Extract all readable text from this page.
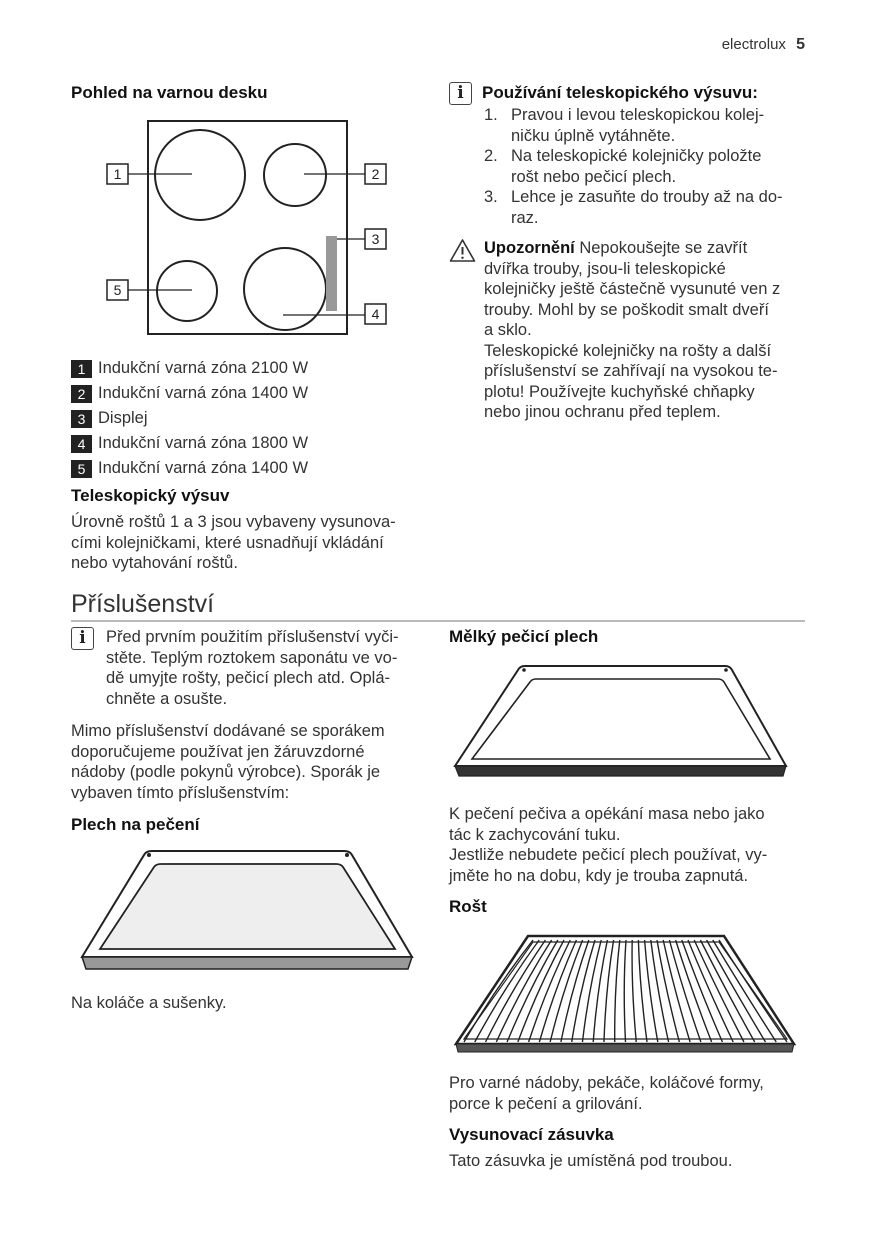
electrolux 5
Pohled na varnou desku
1	2
3
4
5
1 Indukční varná zóna 2100 W
2 Indukční varná zóna 1400 W
3 Displej
4 Indukční varná zóna 1800 W
5 Indukční varná zóna 1400 W
Teleskopický výsuv

Úrovně roštů 1 a 3 jsou vybaveny vysunova-

cími kolejničkami, které usnadňují vkládání

nebo vytahování roštů.

i	Používání teleskopického výsuvu:
1. Pravou i levou teleskopickou kolej-
ničku úplně vytáhněte.
2. Na teleskopické kolejničky položte
rošt nebo pečicí plech.
3. Lehce je zasuňte do trouby až na do-
raz.

Upozornění Nepokoušejte se zavřít

dvířka trouby, jsou-li teleskopické

kolejničky ještě částečně vysunuté ven z

trouby. Mohl by se poškodit smalt dveří

a sklo.

Teleskopické kolejničky na rošty a další

příslušenství se zahřívají na vysokou te-

plotu! Používejte kuchyňské chňapky

nebo jinou ochranu před teplem.

Příslušenství
i	Před prvním použitím příslušenství vyči-

stěte. Teplým roztokem saponátu ve vo-

dě umyjte rošty, pečicí plech atd. Oplá-

chněte a osušte.

Mimo příslušenství dodávané se sporákem

doporučujeme používat jen žáruvzdorné

nádoby (podle pokynů výrobce). Sporák je

vybaven tímto příslušenstvím:

Plech na pečení

Na koláče a sušenky.

Mělký pečicí plech

K pečení pečiva a opékání masa nebo jako

tác k zachycování tuku.

Jestliže nebudete pečicí plech používat, vy-

jměte ho na dobu, kdy je trouba zapnutá.

Rošt

Pro varné nádoby, pekáče, koláčové formy,

porce k pečení a grilování.

Vysunovací zásuvka

Tato zásuvka je umístěná pod troubou.
